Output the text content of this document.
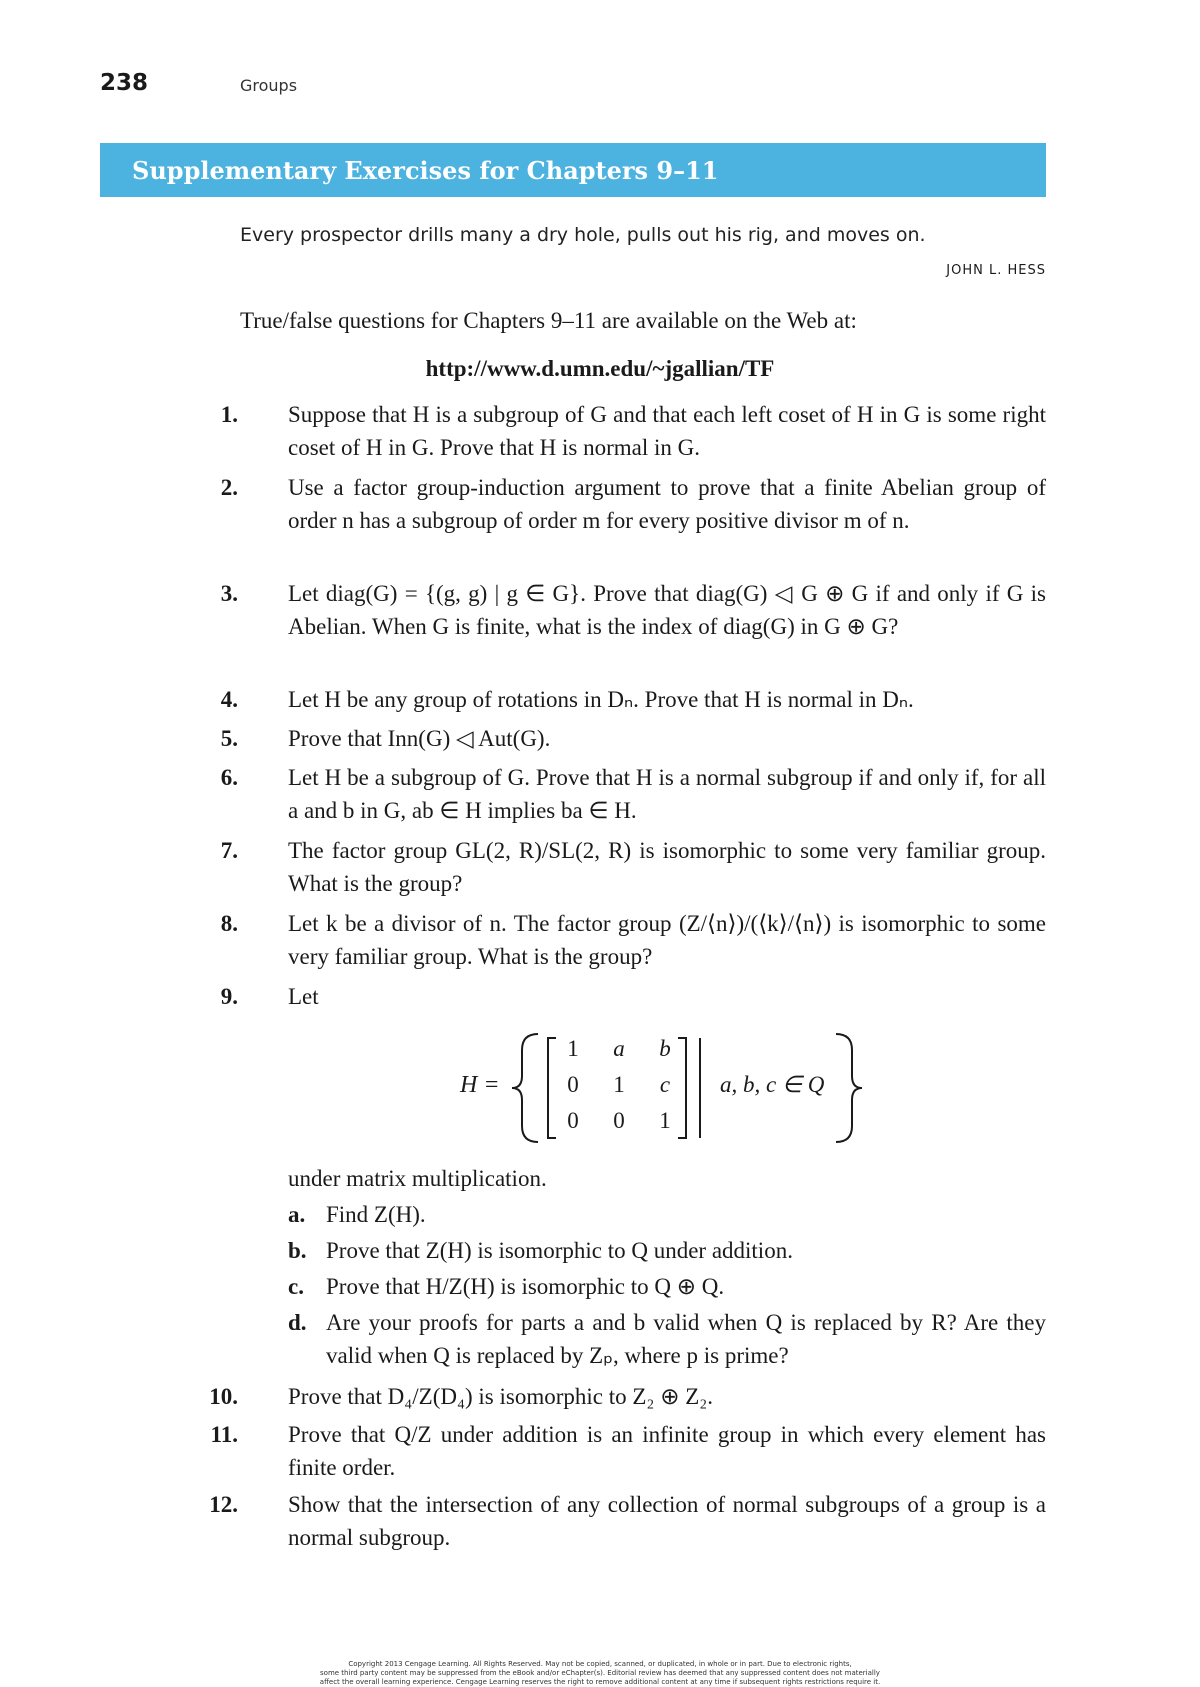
238	Groups
Supplementary Exercises for Chapters 9–11
Every prospector drills many a dry hole, pulls out his rig, and moves on.
JOHN L. HESS
True/false questions for Chapters 9–11 are available on the Web at:
http://www.d.umn.edu/~jgallian/TF
1. Suppose that H is a subgroup of G and that each left coset of H in G is some right coset of H in G. Prove that H is normal in G.
2. Use a factor group-induction argument to prove that a finite Abelian group of order n has a subgroup of order m for every positive divisor m of n.
3. Let diag(G) = {(g, g) | g ∈ G}. Prove that diag(G) ◁ G ⊕ G if and only if G is Abelian. When G is finite, what is the index of diag(G) in G ⊕ G?
4. Let H be any group of rotations in Dₙ. Prove that H is normal in Dₙ.
5. Prove that Inn(G) ◁ Aut(G).
6. Let H be a subgroup of G. Prove that H is a normal subgroup if and only if, for all a and b in G, ab ∈ H implies ba ∈ H.
7. The factor group GL(2, R)/SL(2, R) is isomorphic to some very familiar group. What is the group?
8. Let k be a divisor of n. The factor group (Z/⟨n⟩)/(⟨k⟩/⟨n⟩) is isomorphic to some very familiar group. What is the group?
9. Let
H =
1	a	b
0	1	c
0	0	1
a, b, c ∈ Q
under matrix multiplication.
a. Find Z(H).
b. Prove that Z(H) is isomorphic to Q under addition.
c. Prove that H/Z(H) is isomorphic to Q ⊕ Q.
d. Are your proofs for parts a and b valid when Q is replaced by R? Are they valid when Q is replaced by Zₚ, where p is prime?
10. Prove that D₄/Z(D₄) is isomorphic to Z₂ ⊕ Z₂.
11. Prove that Q/Z under addition is an infinite group in which every element has finite order.
12. Show that the intersection of any collection of normal subgroups of a group is a normal subgroup.
Copyright 2013 Cengage Learning. All Rights Reserved. May not be copied, scanned, or duplicated, in whole or in part. Due to electronic rights,
some third party content may be suppressed from the eBook and/or eChapter(s). Editorial review has deemed that any suppressed content does not materially
affect the overall learning experience. Cengage Learning reserves the right to remove additional content at any time if subsequent rights restrictions require it.
